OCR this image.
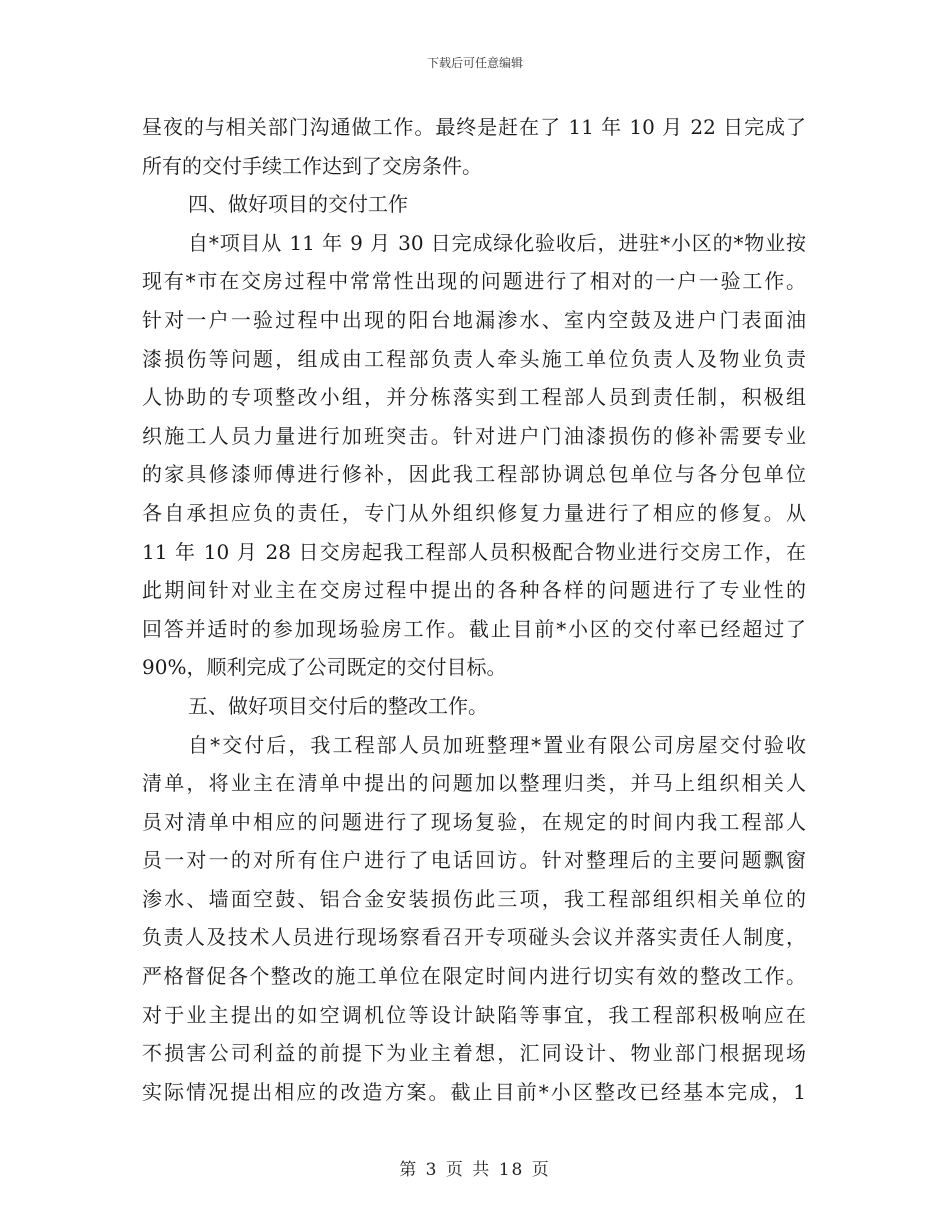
下载后可任意编辑
昼夜的与相关部门沟通做工作。最终是赶在了 11 年 10 月 22 日完成了
所有的交付手续工作达到了交房条件。
四、做好项目的交付工作
自*项目从 11 年 9 月 30 日完成绿化验收后，进驻*小区的*物业按
现有*市在交房过程中常常性出现的问题进行了相对的一户一验工作。
针对一户一验过程中出现的阳台地漏渗水、室内空鼓及进户门表面油
漆损伤等问题，组成由工程部负责人牵头施工单位负责人及物业负责
人协助的专项整改小组，并分栋落实到工程部人员到责任制，积极组
织施工人员力量进行加班突击。针对进户门油漆损伤的修补需要专业
的家具修漆师傅进行修补，因此我工程部协调总包单位与各分包单位
各自承担应负的责任，专门从外组织修复力量进行了相应的修复。从
11 年 10 月 28 日交房起我工程部人员积极配合物业进行交房工作，在
此期间针对业主在交房过程中提出的各种各样的问题进行了专业性的
回答并适时的参加现场验房工作。截止目前*小区的交付率已经超过了
90%，顺利完成了公司既定的交付目标。
五、做好项目交付后的整改工作。
自*交付后，我工程部人员加班整理*置业有限公司房屋交付验收
清单，将业主在清单中提出的问题加以整理归类，并马上组织相关人
员对清单中相应的问题进行了现场复验，在规定的时间内我工程部人
员一对一的对所有住户进行了电话回访。针对整理后的主要问题飘窗
渗水、墙面空鼓、铝合金安装损伤此三项，我工程部组织相关单位的
负责人及技术人员进行现场察看召开专项碰头会议并落实责任人制度，
严格督促各个整改的施工单位在限定时间内进行切实有效的整改工作。
对于业主提出的如空调机位等设计缺陷等事宜，我工程部积极响应在
不损害公司利益的前提下为业主着想，汇同设计、物业部门根据现场
实际情况提出相应的改造方案。截止目前*小区整改已经基本完成，1
第 3 页 共 18 页
